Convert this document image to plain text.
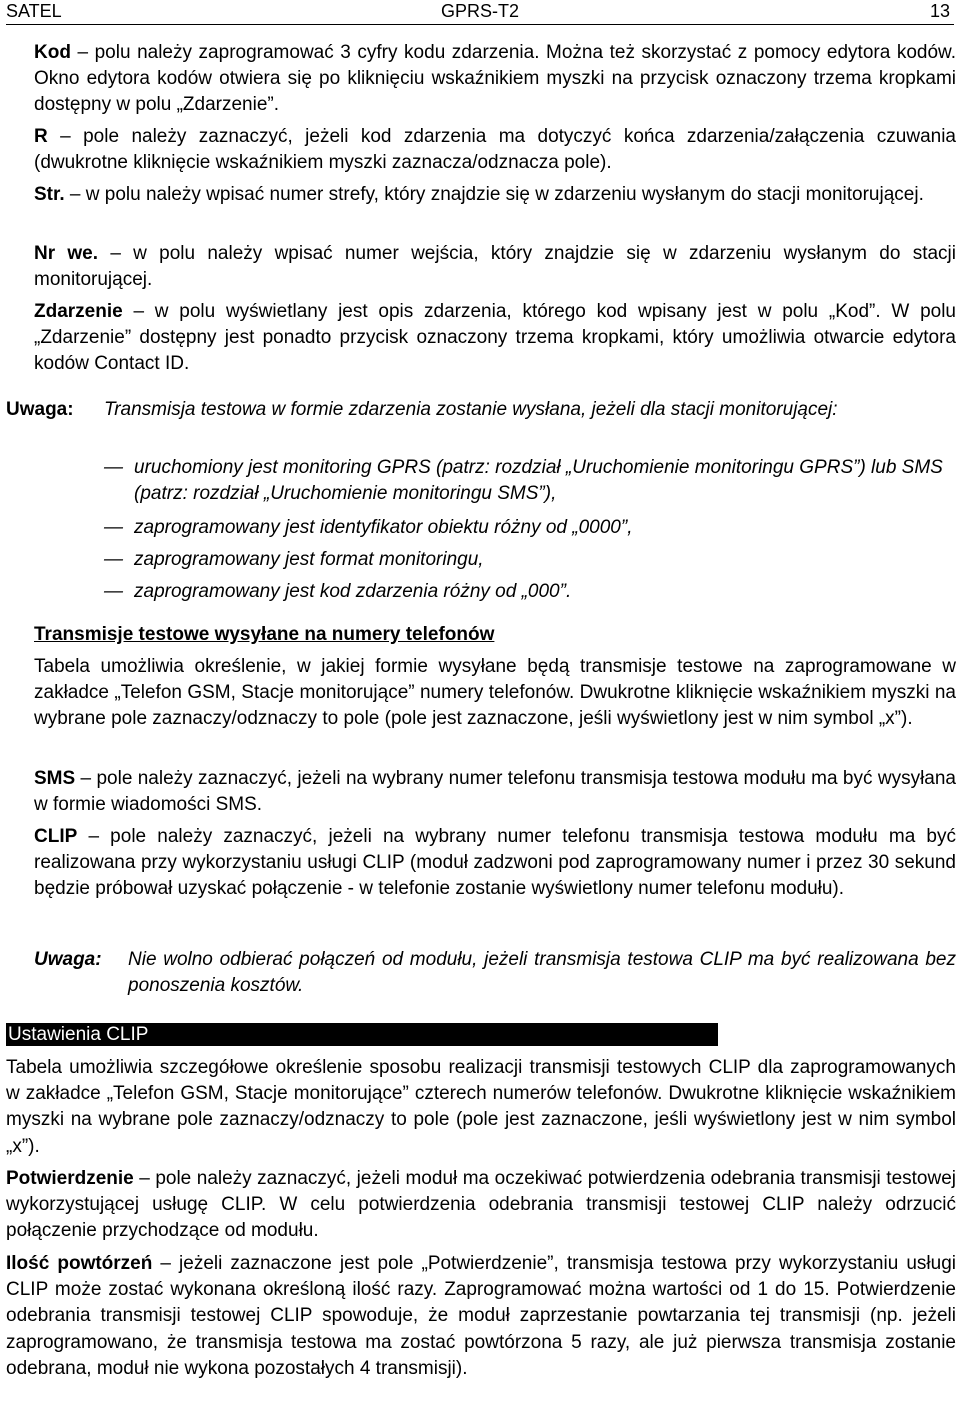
SATEL	GPRS-T2	13
Kod – polu należy zaprogramować 3 cyfry kodu zdarzenia. Można też skorzystać z pomocy edytora kodów. Okno edytora kodów otwiera się po kliknięciu wskaźnikiem myszki na przycisk oznaczony trzema kropkami dostępny w polu „Zdarzenie”.
R – pole należy zaznaczyć, jeżeli kod zdarzenia ma dotyczyć końca zdarzenia/załączenia czuwania (dwukrotne kliknięcie wskaźnikiem myszki zaznacza/odznacza pole).
Str. – w polu należy wpisać numer strefy, który znajdzie się w zdarzeniu wysłanym do stacji monitorującej.
Nr we. – w polu należy wpisać numer wejścia, który znajdzie się w zdarzeniu wysłanym do stacji monitorującej.
Zdarzenie – w polu wyświetlany jest opis zdarzenia, którego kod wpisany jest w polu „Kod”. W polu „Zdarzenie” dostępny jest ponadto przycisk oznaczony trzema kropkami, który umożliwia otwarcie edytora kodów Contact ID.
Uwaga:	Transmisja testowa w formie zdarzenia zostanie wysłana, jeżeli dla stacji monitorującej:
— uruchomiony jest monitoring GPRS (patrz: rozdział „Uruchomienie monitoringu GPRS”) lub SMS (patrz: rozdział „Uruchomienie monitoringu SMS”),
— zaprogramowany jest identyfikator obiektu różny od „0000”,
— zaprogramowany jest format monitoringu,
— zaprogramowany jest kod zdarzenia różny od „000”.
Transmisje testowe wysyłane na numery telefonów
Tabela umożliwia określenie, w jakiej formie wysyłane będą transmisje testowe na zaprogramowane w zakładce „Telefon GSM, Stacje monitorujące” numery telefonów. Dwukrotne kliknięcie wskaźnikiem myszki na wybrane pole zaznaczy/odznaczy to pole (pole jest zaznaczone, jeśli wyświetlony jest w nim symbol „x”).
SMS – pole należy zaznaczyć, jeżeli na wybrany numer telefonu transmisja testowa modułu ma być wysyłana w formie wiadomości SMS.
CLIP – pole należy zaznaczyć, jeżeli na wybrany numer telefonu transmisja testowa modułu ma być realizowana przy wykorzystaniu usługi CLIP (moduł zadzwoni pod zaprogramowany numer i przez 30 sekund będzie próbował uzyskać połączenie - w telefonie zostanie wyświetlony numer telefonu modułu).
Uwaga:	Nie wolno odbierać połączeń od modułu, jeżeli transmisja testowa CLIP ma być realizowana bez ponoszenia kosztów.
Ustawienia CLIP
Tabela umożliwia szczegółowe określenie sposobu realizacji transmisji testowych CLIP dla zaprogramowanych w zakładce „Telefon GSM, Stacje monitorujące” czterech numerów telefonów. Dwukrotne kliknięcie wskaźnikiem myszki na wybrane pole zaznaczy/odznaczy to pole (pole jest zaznaczone, jeśli wyświetlony jest w nim symbol „x”).
Potwierdzenie – pole należy zaznaczyć, jeżeli moduł ma oczekiwać potwierdzenia odebrania transmisji testowej wykorzystującej usługę CLIP. W celu potwierdzenia odebrania transmisji testowej CLIP należy odrzucić połączenie przychodzące od modułu.
Ilość powtórzeń – jeżeli zaznaczone jest pole „Potwierdzenie”, transmisja testowa przy wykorzystaniu usługi CLIP może zostać wykonana określoną ilość razy. Zaprogramować można wartości od 1 do 15. Potwierdzenie odebrania transmisji testowej CLIP spowoduje, że moduł zaprzestanie powtarzania tej transmisji (np. jeżeli zaprogramowano, że transmisja testowa ma zostać powtórzona 5 razy, ale już pierwsza transmisja zostanie odebrana, moduł nie wykona pozostałych 4 transmisji).
